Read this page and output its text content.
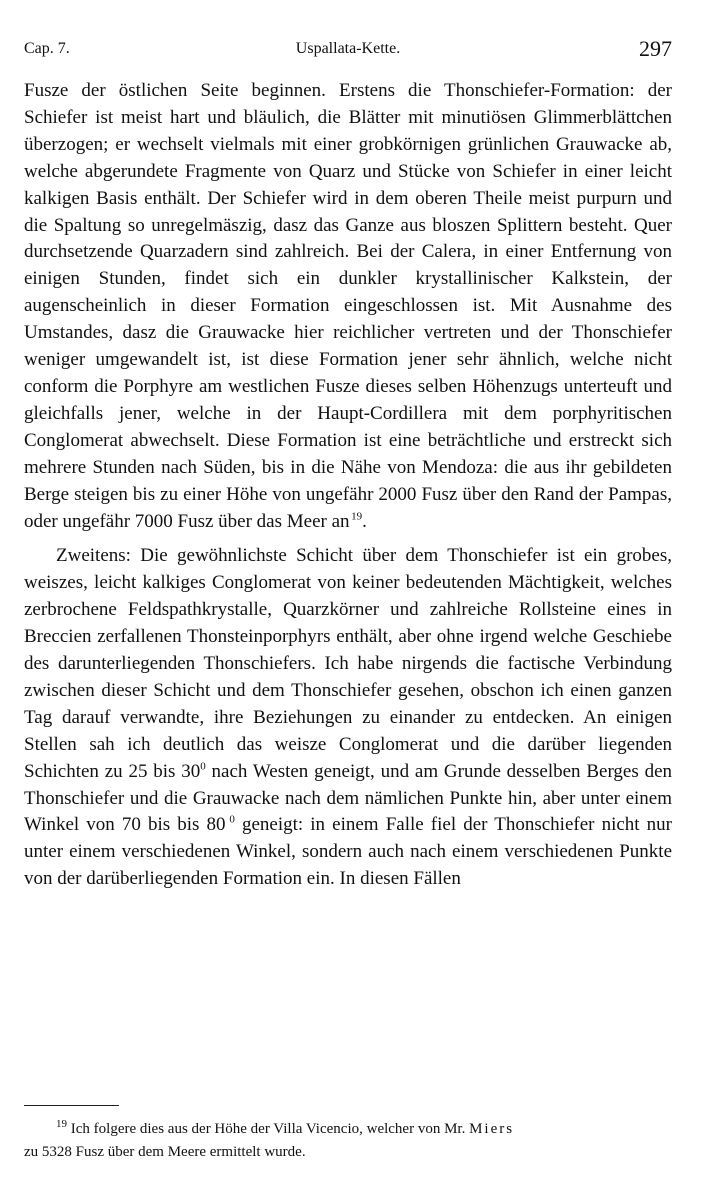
Cap. 7.	Uspallata-Kette.	297

Fusze der östlichen Seite beginnen. Erstens die Thonschiefer-Formation: der Schiefer ist meist hart und bläulich, die Blätter mit minutiösen Glimmerblättchen überzogen; er wechselt vielmals mit einer grobkörnigen grünlichen Grauwacke ab, welche abgerundete Fragmente von Quarz und Stücke von Schiefer in einer leicht kalkigen Basis enthält. Der Schiefer wird in dem oberen Theile meist purpurn und die Spaltung so unregelmäszig, dasz das Ganze aus bloszen Splittern besteht. Quer durchsetzende Quarzadern sind zahlreich. Bei der Calera, in einer Entfernung von einigen Stunden, findet sich ein dunkler krystallinischer Kalkstein, der augenscheinlich in dieser Formation eingeschlossen ist. Mit Ausnahme des Umstandes, dasz die Grauwacke hier reichlicher vertreten und der Thonschiefer weniger umgewandelt ist, ist diese Formation jener sehr ähnlich, welche nicht conform die Porphyre am westlichen Fusze dieses selben Höhenzugs unterteuft und gleichfalls jener, welche in der Haupt-Cordillera mit dem porphyritischen Conglomerat abwechselt. Diese Formation ist eine beträchtliche und erstreckt sich mehrere Stunden nach Süden, bis in die Nähe von Mendoza: die aus ihr gebildeten Berge steigen bis zu einer Höhe von ungefähr 2000 Fusz über den Rand der Pampas, oder ungefähr 7000 Fusz über das Meer an  $^{19}$.

Zweitens: Die gewöhnlichste Schicht über dem Thonschiefer ist ein grobes, weiszes, leicht kalkiges Conglomerat von keiner bedeutenden Mächtigkeit, welches zerbrochene Feldspathkrystalle, Quarzkörner und zahlreiche Rollsteine eines in Breccien zerfallenen Thonsteinporphyrs enthält, aber ohne irgend welche Geschiebe des darunterliegenden Thonschiefers. Ich habe nirgends die factische Verbindung zwischen dieser Schicht und dem Thonschiefer gesehen, obschon ich einen ganzen Tag darauf verwandte, ihre Beziehungen zu einander zu entdecken. An einigen Stellen sah ich deutlich das weisze Conglomerat und die darüber liegenden Schichten zu 25 bis $30^0$ nach Westen geneigt, und am Grunde desselben Berges den Thonschiefer und die Grauwacke nach dem nämlichen Punkte hin, aber unter einem Winkel von 70 bis bis 80  $^0$ geneigt: in einem Falle fiel der Thonschiefer nicht nur unter einem verschiedenen Winkel, sondern auch nach einem verschiedenen Punkte von der darüberliegenden Formation ein. In diesen Fällen

$^{19}$ Ich folgere dies aus der Höhe der Villa Vicencio, welcher von Mr. Miers
zu 5328 Fusz über dem Meere ermittelt wurde.
